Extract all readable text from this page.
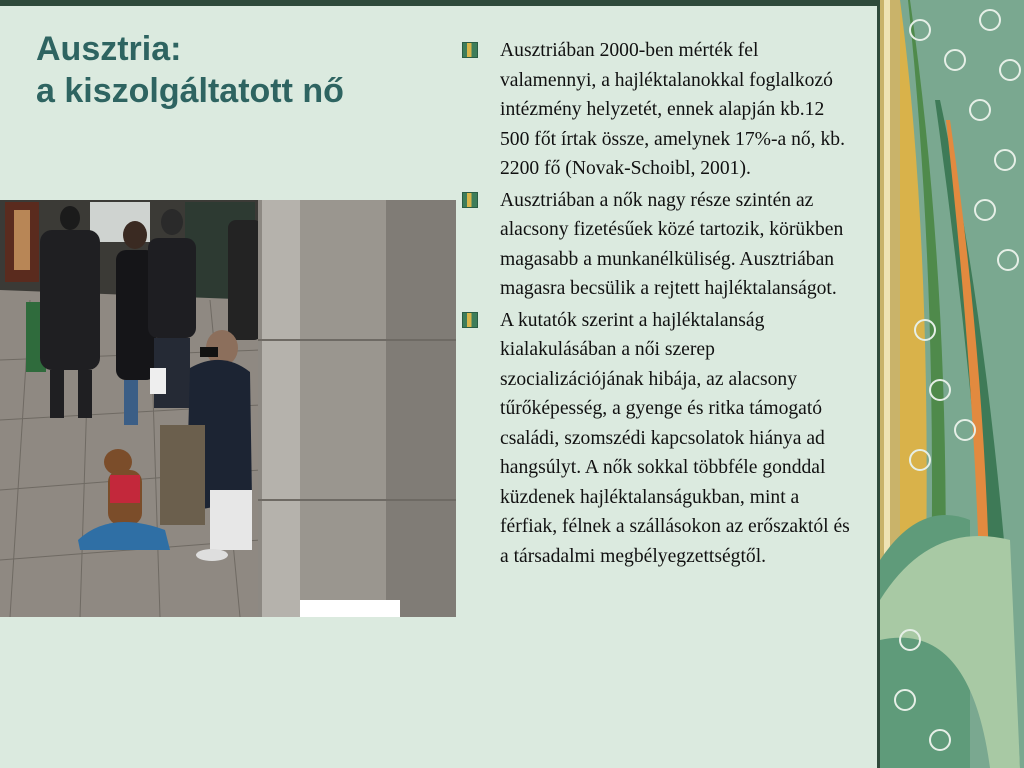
Ausztria:
a kiszolgáltatott nő
Ausztriában 2000-ben mérték fel valamennyi, a hajléktalanokkal foglalkozó intézmény helyzetét, ennek alapján kb.12 500 főt írtak össze, amelynek 17%-a nő, kb. 2200 fő (Novak-Schoibl, 2001).
Ausztriában a nők nagy része szintén az alacsony fizetésűek közé tartozik, körükben magasabb a munkanélküliség. Ausztriában magasra becsülik a rejtett hajléktalanságot.
A kutatók szerint a hajléktalanság kialakulásában a női szerep szocializációjának hibája, az alacsony tűrőképesség, a gyenge és ritka támogató családi, szomszédi kapcsolatok hiánya ad hangsúlyt. A nők sokkal többféle gonddal küzdenek hajléktalanságukban, mint a férfiak, félnek a szállásokon az erőszaktól és a társadalmi megbélyegzettségtől.
